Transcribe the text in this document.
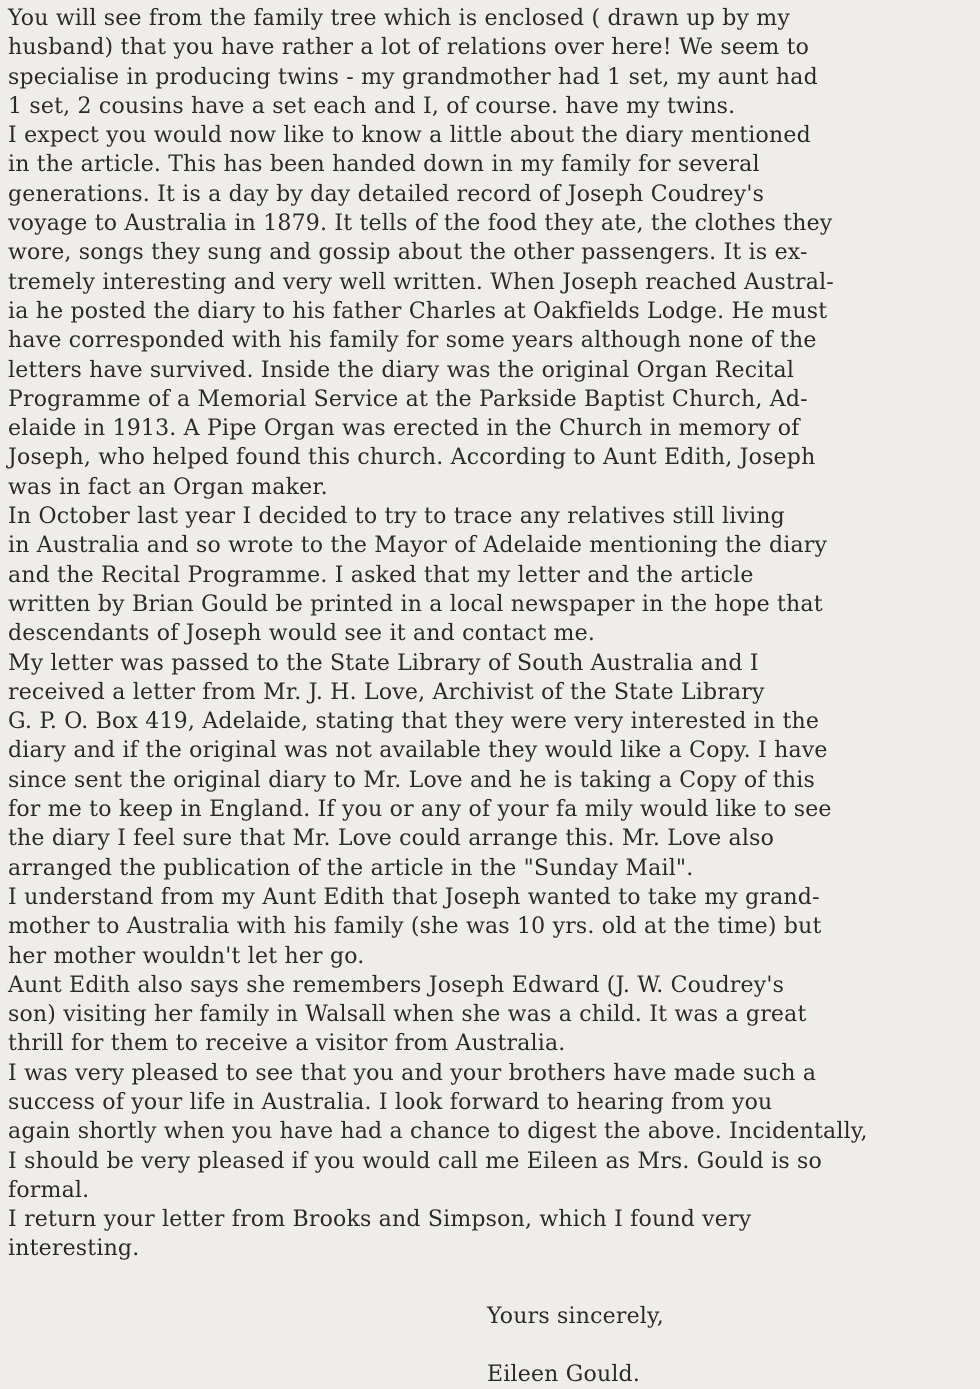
You will see from the family tree which is enclosed ( drawn up by my
husband) that you have rather a lot of relations over here! We seem to
specialise in producing twins - my grandmother had 1 set, my aunt had
1 set, 2 cousins have a set each and I, of course. have my twins.
I expect you would now like to know a little about the diary mentioned
in the article. This has been handed down in my family for several
generations. It is a day by day detailed record of Joseph Coudrey's
voyage to Australia in 1879. It tells of the food they ate, the clothes they
wore, songs they sung and gossip about the other passengers. It is ex-
tremely interesting and very well written. When Joseph reached Austral-
ia he posted the diary to his father Charles at Oakfields Lodge. He must
have corresponded with his family for some years although none of the
letters have survived. Inside the diary was the original Organ Recital
Programme of a Memorial Service at the Parkside Baptist Church, Ad-
elaide in 1913. A Pipe Organ was erected in the Church in memory of
Joseph, who helped found this church. According to Aunt Edith, Joseph
was in fact an Organ maker.
In October last year I decided to try to trace any relatives still living
in Australia and so wrote to the Mayor of Adelaide mentioning the diary
and the Recital Programme. I asked that my letter and the article
written by Brian Gould be printed in a local newspaper in the hope that
descendants of Joseph would see it and contact me.
My letter was passed to the State Library of South Australia and I
received a letter from Mr. J. H. Love, Archivist of the State Library
G. P. O. Box 419, Adelaide, stating that they were very interested in the
diary and if the original was not available they would like a Copy. I have
since sent the original diary to Mr. Love and he is taking a Copy of this
for me to keep in England. If you or any of your fa mily would like to see
the diary I feel sure that Mr. Love could arrange this. Mr. Love also
arranged the publication of the article in the "Sunday Mail".
I understand from my Aunt Edith that Joseph wanted to take my grand-
mother to Australia with his family (she was 10 yrs. old at the time) but
her mother wouldn't let her go.
Aunt Edith also says she remembers Joseph Edward (J. W. Coudrey's
son) visiting her family in Walsall when she was a child. It was a great
thrill for them to receive a visitor from Australia.
I was very pleased to see that you and your brothers have made such a
success of your life in Australia. I look forward to hearing from you
again shortly when you have had a chance to digest the above. Incidentally,
I should be very pleased if you would call me Eileen as Mrs. Gould is so
formal.
I return your letter from Brooks and Simpson, which I found very
interesting.
Yours sincerely,
Eileen Gould.
